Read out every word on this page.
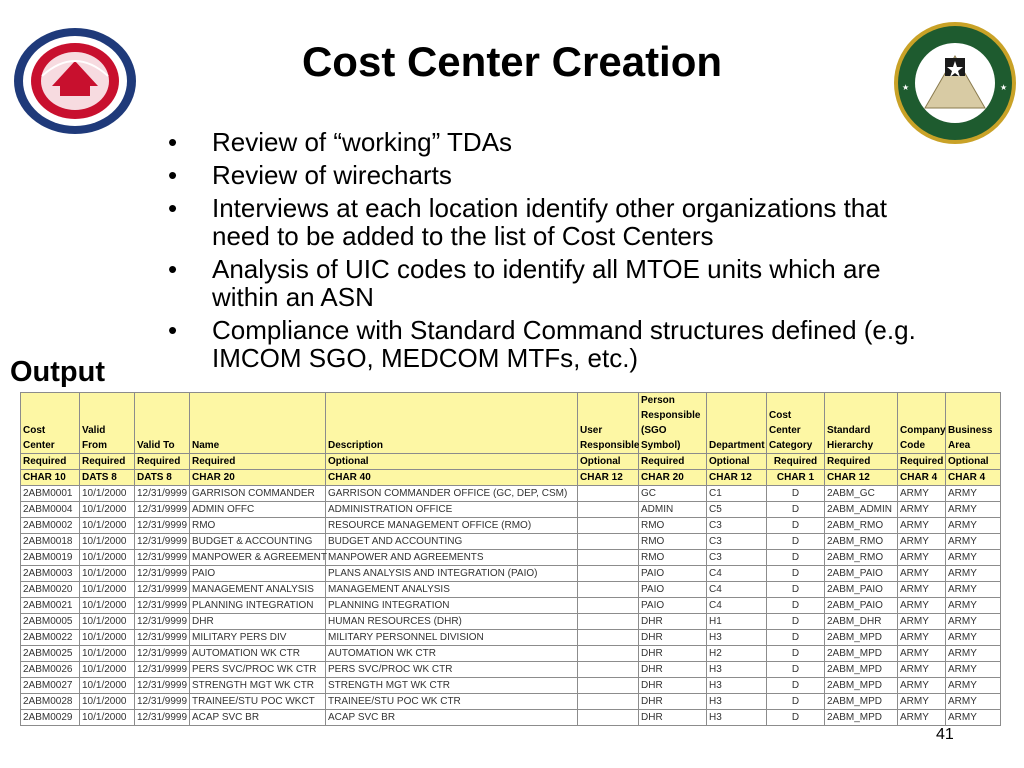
★	★
Cost Center Creation
• Review of “working” TDAs
• Review of wirecharts
• Interviews at each location identify other organizations that
need to be added to the list of Cost Centers
• Analysis of UIC codes to identify all MTOE units which are
within an ASN
• Compliance with Standard Command structures defined (e.g.
IMCOM SGO, MEDCOM MTFs, etc.)
Output
Cost Center	Valid From	Valid To	Name	Description	User Responsible	Person Responsible (SGO Symbol)	Department	Cost Center Category	Standard Hierarchy	Company Code	Business Area
Required	Required	Required	Required	Optional	Optional	Required	Optional	Required	Required	Required	Optional
CHAR 10	DATS 8	DATS 8	CHAR 20	CHAR 40	CHAR 12	CHAR 20	CHAR 12	CHAR 1	CHAR 12	CHAR 4	CHAR 4
2ABM0001	10/1/2000	12/31/9999	GARRISON COMMANDER	GARRISON COMMANDER OFFICE (GC, DEP, CSM)		GC	C1	D	2ABM_GC	ARMY	ARMY
2ABM0004	10/1/2000	12/31/9999	ADMIN OFFC	ADMINISTRATION OFFICE		ADMIN	C5	D	2ABM_ADMIN	ARMY	ARMY
2ABM0002	10/1/2000	12/31/9999	RMO	RESOURCE MANAGEMENT OFFICE (RMO)		RMO	C3	D	2ABM_RMO	ARMY	ARMY
2ABM0018	10/1/2000	12/31/9999	BUDGET & ACCOUNTING	BUDGET AND ACCOUNTING		RMO	C3	D	2ABM_RMO	ARMY	ARMY
2ABM0019	10/1/2000	12/31/9999	MANPOWER & AGREEMENT	MANPOWER AND AGREEMENTS		RMO	C3	D	2ABM_RMO	ARMY	ARMY
2ABM0003	10/1/2000	12/31/9999	PAIO	PLANS ANALYSIS AND INTEGRATION (PAIO)		PAIO	C4	D	2ABM_PAIO	ARMY	ARMY
2ABM0020	10/1/2000	12/31/9999	MANAGEMENT ANALYSIS	MANAGEMENT ANALYSIS		PAIO	C4	D	2ABM_PAIO	ARMY	ARMY
2ABM0021	10/1/2000	12/31/9999	PLANNING INTEGRATION	PLANNING INTEGRATION		PAIO	C4	D	2ABM_PAIO	ARMY	ARMY
2ABM0005	10/1/2000	12/31/9999	DHR	HUMAN RESOURCES (DHR)		DHR	H1	D	2ABM_DHR	ARMY	ARMY
2ABM0022	10/1/2000	12/31/9999	MILITARY PERS DIV	MILITARY PERSONNEL DIVISION		DHR	H3	D	2ABM_MPD	ARMY	ARMY
2ABM0025	10/1/2000	12/31/9999	AUTOMATION WK CTR	AUTOMATION WK CTR		DHR	H2	D	2ABM_MPD	ARMY	ARMY
2ABM0026	10/1/2000	12/31/9999	PERS SVC/PROC WK CTR	PERS SVC/PROC WK CTR		DHR	H3	D	2ABM_MPD	ARMY	ARMY
2ABM0027	10/1/2000	12/31/9999	STRENGTH MGT WK CTR	STRENGTH MGT WK CTR		DHR	H3	D	2ABM_MPD	ARMY	ARMY
2ABM0028	10/1/2000	12/31/9999	TRAINEE/STU POC WKCT	TRAINEE/STU POC WK CTR		DHR	H3	D	2ABM_MPD	ARMY	ARMY
2ABM0029	10/1/2000	12/31/9999	ACAP SVC BR	ACAP SVC BR		DHR	H3	D	2ABM_MPD	ARMY	ARMY
41
